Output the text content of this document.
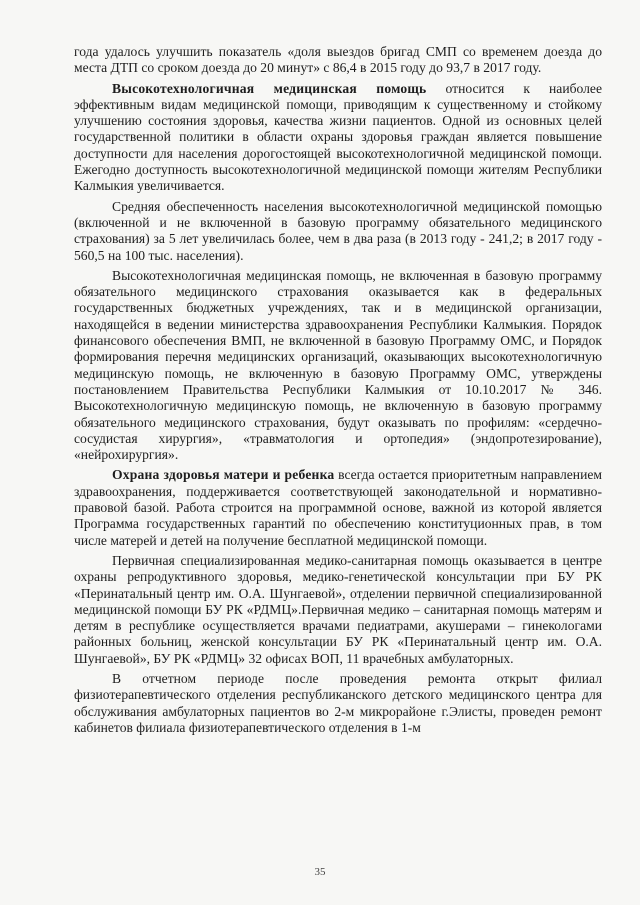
года удалось улучшить показатель «доля выездов бригад СМП со временем доезда до места ДТП со сроком доезда до 20 минут» с 86,4 в 2015 году до 93,7 в 2017 году.

Высокотехнологичная медицинская помощь относится к наиболее эффективным видам медицинской помощи, приводящим к существенному и стойкому улучшению состояния здоровья, качества жизни пациентов. Одной из основных целей государственной политики в области охраны здоровья граждан является повышение доступности для населения дорогостоящей высокотехнологичной медицинской помощи. Ежегодно доступность высокотехнологичной медицинской помощи жителям Республики Калмыкия увеличивается.

Средняя обеспеченность населения высокотехнологичной медицинской помощью (включенной и не включенной в базовую программу обязательного медицинского страхования) за 5 лет увеличилась более, чем в два раза (в 2013 году - 241,2; в 2017 году - 560,5 на 100 тыс. населения).

Высокотехнологичная медицинская помощь, не включенная в базовую программу обязательного медицинского страхования оказывается как в федеральных государственных бюджетных учреждениях, так и в медицинской организации, находящейся в ведении министерства здравоохранения Республики Калмыкия. Порядок финансового обеспечения ВМП, не включенной в базовую Программу ОМС, и Порядок формирования перечня медицинских организаций, оказывающих высокотехнологичную медицинскую помощь, не включенную в базовую Программу ОМС, утверждены постановлением Правительства Республики Калмыкия от 10.10.2017 № 346. Высокотехнологичную медицинскую помощь, не включенную в базовую программу обязательного медицинского страхования, будут оказывать по профилям: «сердечно-сосудистая хирургия», «травматология и ортопедия» (эндопротезирование), «нейрохирургия».

Охрана здоровья матери и ребенка всегда остается приоритетным направлением здравоохранения, поддерживается соответствующей законодательной и нормативно-правовой базой. Работа строится на программной основе, важной из которой является Программа государственных гарантий по обеспечению конституционных прав, в том числе матерей и детей на получение бесплатной медицинской помощи.

Первичная специализированная медико-санитарная помощь оказывается в центре охраны репродуктивного здоровья, медико-генетической консультации при БУ РК «Перинатальный центр им. О.А. Шунгаевой», отделении первичной специализированной медицинской помощи БУ РК «РДМЦ».Первичная медико – санитарная помощь матерям и детям в республике осуществляется врачами педиатрами, акушерами – гинекологами районных больниц, женской консультации БУ РК «Перинатальный центр им. О.А. Шунгаевой», БУ РК «РДМЦ» 32 офисах ВОП, 11 врачебных амбулаторных.

В отчетном периоде после проведения ремонта открыт филиал физиотерапевтического отделения республиканского детского медицинского центра для обслуживания амбулаторных пациентов во 2-м микрорайоне г.Элисты, проведен ремонт кабинетов филиала физиотерапевтического отделения в 1-м

35
